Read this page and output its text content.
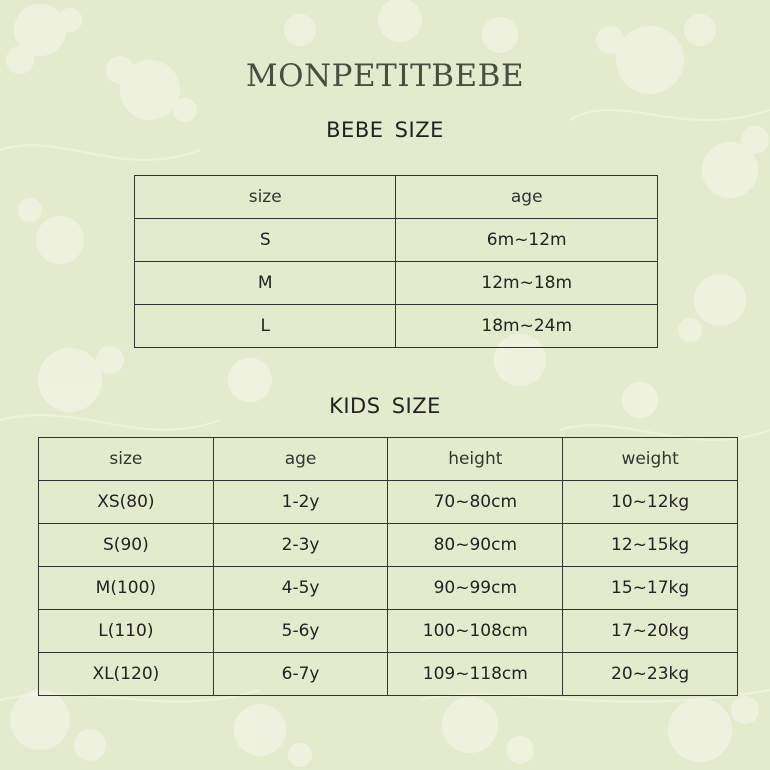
MONPETITBEBE
BEBE SIZE
size	age
S	6m~12m
M	12m~18m
L	18m~24m
KIDS SIZE
size	age	height	weight
XS(80)	1-2y	70~80cm	10~12kg
S(90)	2-3y	80~90cm	12~15kg
M(100)	4-5y	90~99cm	15~17kg
L(110)	5-6y	100~108cm	17~20kg
XL(120)	6-7y	109~118cm	20~23kg
